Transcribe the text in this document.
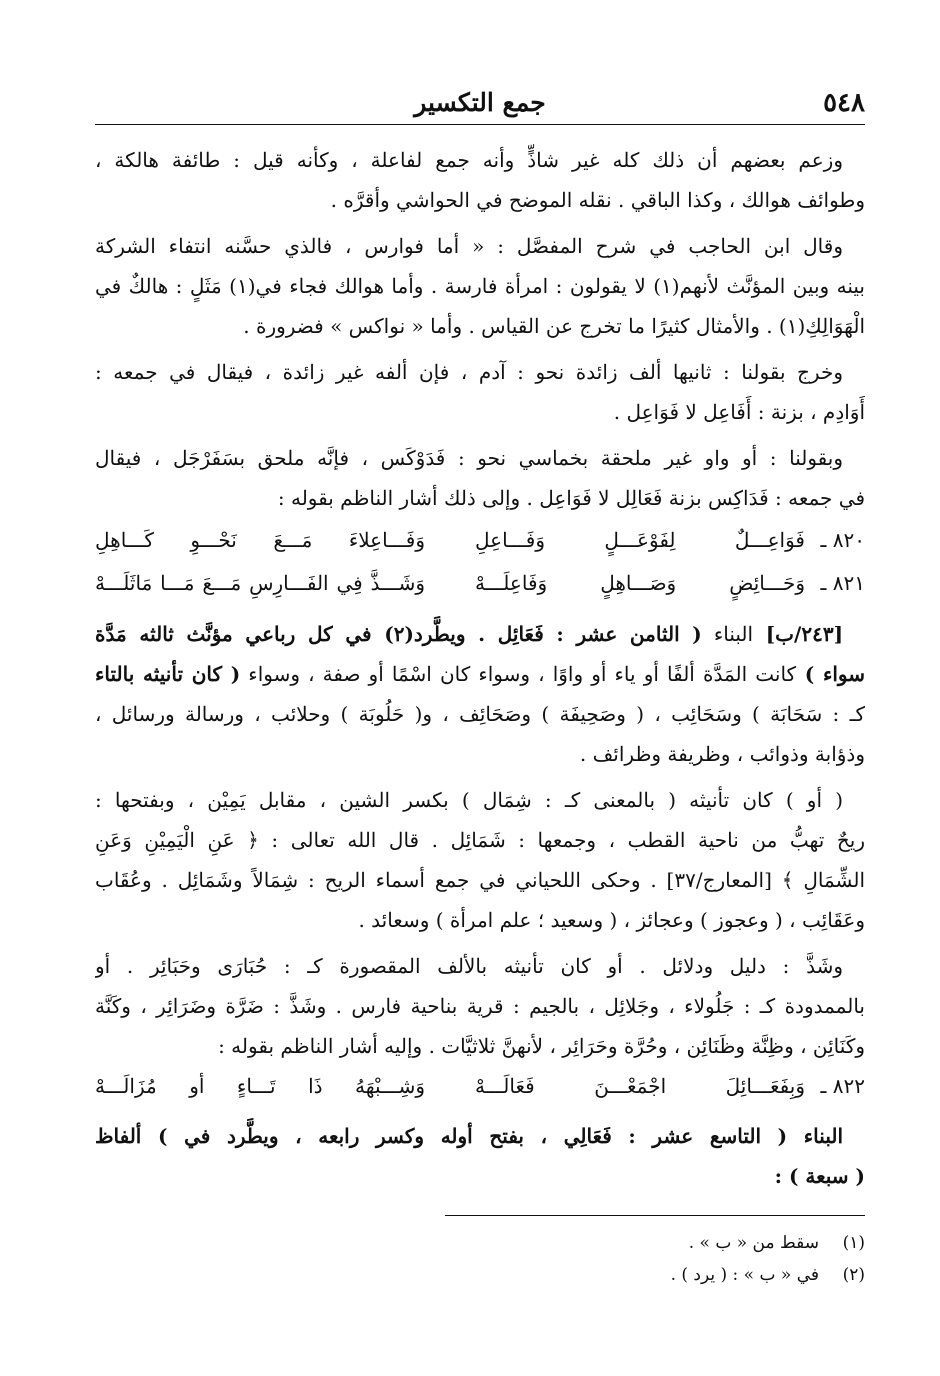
٥٤٨
جمع التكسير
وزعم بعضهم أن ذلك كله غير شاذٍّ وأنه جمع لفاعلة ، وكأنه قيل : طائفة هالكة ،
وطوائف هوالك ، وكذا الباقي . نقله الموضح في الحواشي وأقرَّه .
وقال ابن الحاجب في شرح المفصَّل : « أما فوارس ، فالذي حسَّنه انتفاء الشركة
بينه وبين المؤنَّث لأنهم(١) لا يقولون : امرأة فارسة . وأما هوالك فجاء في(١) مَثَلٍ : هالكٌ في
الْهَوَالِكِ(١) . والأمثال كثيرًا ما تخرج عن القياس . وأما « نواكس » فضرورة .
وخرج بقولنا : ثانيها ألف زائدة نحو : آدم ، فإن ألفه غير زائدة ، فيقال في جمعه :
أَوَادِم ، بزنة : أَفَاعِل لا فَوَاعِل .
وبقولنا : أو واو غير ملحقة بخماسي نحو : فَدَوْكَس ، فإنَّه ملحق بسَفَرْجَل ، فيقال
في جمعه : فَدَاكِس بزنة فَعَالِل لا فَوَاعِل . وإلى ذلك أشار الناظم بقوله :
٨٢٠ ـ
فَوَاعِـــلٌ لِفَوْعَـــلٍ وَفَـــاعِلِ
وَفَـــاعِلاءَ مَـــعَ نَحْـــوِ كَـــاهِلِ
٨٢١ ـ
وَحَـــائِضٍ وَصَـــاهِلٍ وَفَاعِلَـــهْ
وَشَـــذَّ فِي الفَـــارِسِ مَـــعَ مَـــا مَاثَلَـــهْ
[٢٤٣/ب] البناء ( الثامن عشر : فَعَائِل . ويطَّرد(٢) في كل رباعي مؤنَّث ثالثه مَدَّة
سواء ) كانت المَدَّة ألفًا أو ياء أو واوًا ، وسواء كان اسْمًا أو صفة ، وسواء ( كان تأنيثه بالتاء
كـ : سَحَابَة ) وسَحَائِب ، ( وصَحِيفَة ) وصَحَائِف ، و( حَلُوبَة ) وحلائب ، ورسالة ورسائل ،
وذؤابة وذوائب ، وظريفة وظرائف .
( أو ) كان تأنيثه ( بالمعنى كـ : شِمَال ) بكسر الشين ، مقابل يَمِيْن ، وبفتحها :
ريحٌ تهبُّ من ناحية القطب ، وجمعها : شَمَائِل . قال الله تعالى : ﴿ عَنِ الْيَمِيْنِ وَعَنِ
الشِّمَالِ ﴾ [المعارج/٣٧] . وحكى اللحياني في جمع أسماء الريح : شِمَالاً وشَمَائِل . وعُقَاب
وعَقَائِب ، ( وعجوز ) وعجائز ، ( وسعيد ؛ علم امرأة ) وسعائد .
وشَذَّ : دليل ودلائل . أو كان تأنيثه بالألف المقصورة كـ : حُبَارَى وحَبَائِر . أو
بالممدودة كـ : جَلُولاء ، وجَلائِل ، بالجيم : قرية بناحية فارس . وشَذَّ : ضَرَّة وضَرَائِر ، وكَنَّة
وكَنَائِن ، وظِنَّة وظَنَائِن ، وحُرَّة وحَرَائِر ، لأنهنَّ ثلاثيَّات . وإليه أشار الناظم بقوله :
٨٢٢ ـ
وَبِفَعَـــائِلَ اجْمَعْـــنَ فَعَالَـــهْ
وَشِـــبْهَهُ ذَا تَـــاءٍ أو مُزَالَـــهْ
البناء ( التاسع عشر : فَعَالِي ، بفتح أوله وكسر رابعه ، ويطَّرد في ) ألفاظ
( سبعة ) :
(١)سقط من « ب » .
(٢)في « ب » : ( يرد ) .
